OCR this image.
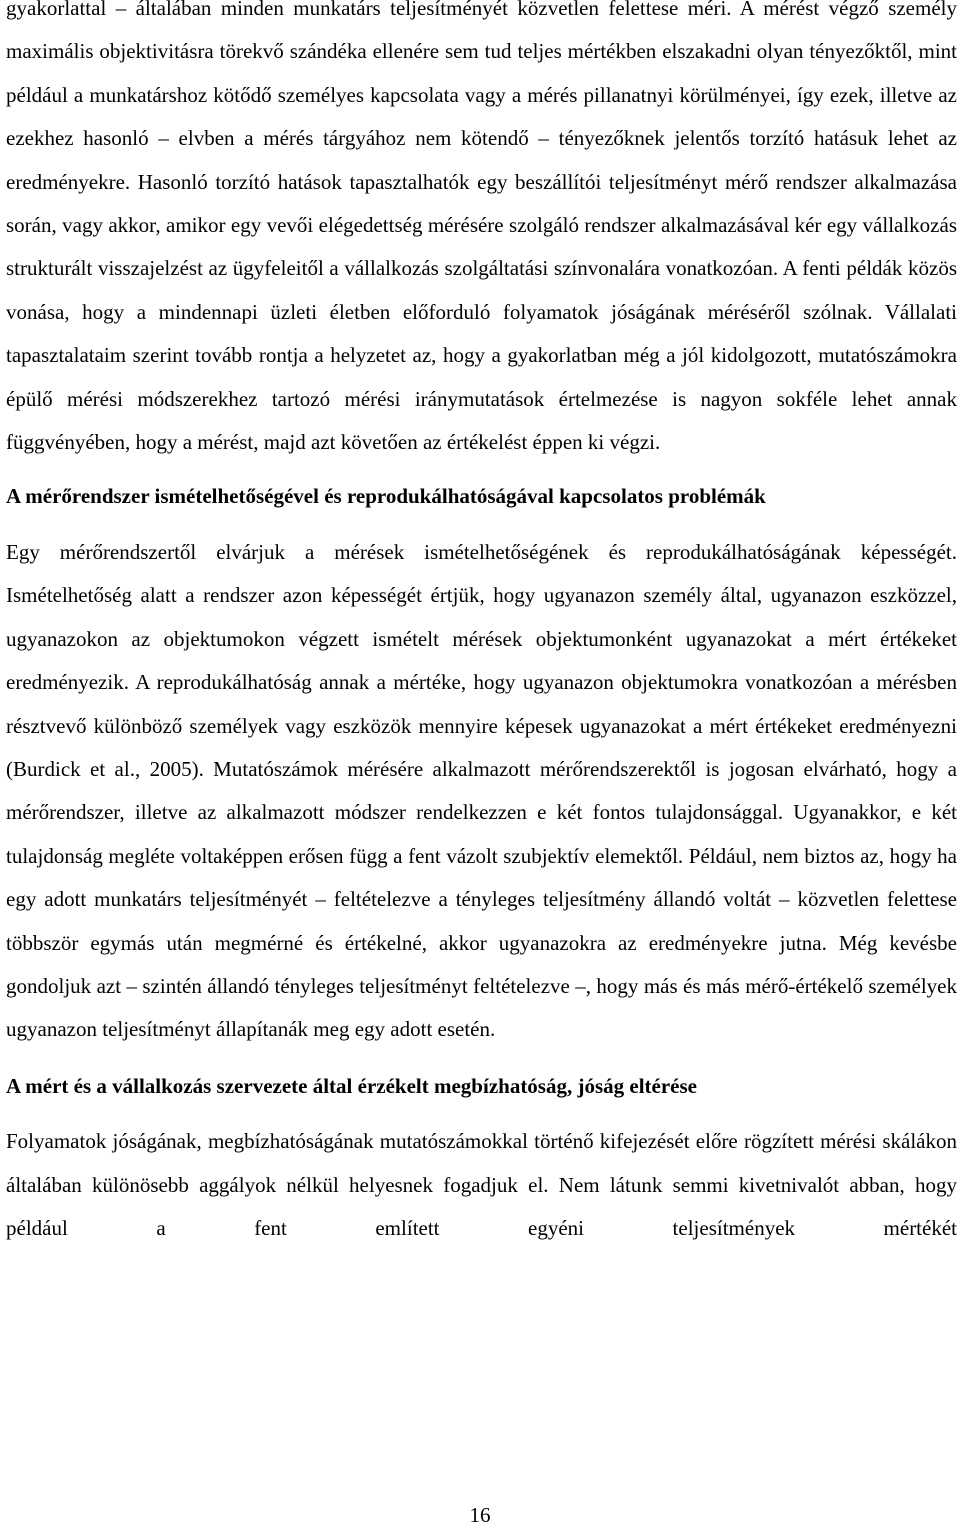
gyakorlattal – általában minden munkatárs teljesítményét közvetlen felettese méri. A mérést végző személy maximális objektivitásra törekvő szándéka ellenére sem tud teljes mértékben elszakadni olyan tényezőktől, mint például a munkatárshoz kötődő személyes kapcsolata vagy a mérés pillanatnyi körülményei, így ezek, illetve az ezekhez hasonló – elvben a mérés tárgyához nem kötendő – tényezőknek jelentős torzító hatásuk lehet az eredményekre. Hasonló torzító hatások tapasztalhatók egy beszállítói teljesítményt mérő rendszer alkalmazása során, vagy akkor, amikor egy vevői elégedettség mérésére szolgáló rendszer alkalmazásával kér egy vállalkozás strukturált visszajelzést az ügyfeleitől a vállalkozás szolgáltatási színvonalára vonatkozóan. A fenti példák közös vonása, hogy a mindennapi üzleti életben előforduló folyamatok jóságának méréséről szólnak. Vállalati tapasztalataim szerint tovább rontja a helyzetet az, hogy a gyakorlatban még a jól kidolgozott, mutatószámokra épülő mérési módszerekhez tartozó mérési iránymutatások értelmezése is nagyon sokféle lehet annak függvényében, hogy a mérést, majd azt követően az értékelést éppen ki végzi.

A mérőrendszer ismételhetőségével és reprodukálhatóságával kapcsolatos problémák

Egy mérőrendszertől elvárjuk a mérések ismételhetőségének és reprodukálhatóságának képességét. Ismételhetőség alatt a rendszer azon képességét értjük, hogy ugyanazon személy által, ugyanazon eszközzel, ugyanazokon az objektumokon végzett ismételt mérések objektumonként ugyanazokat a mért értékeket eredményezik. A reprodukálhatóság annak a mértéke, hogy ugyanazon objektumokra vonatkozóan a mérésben résztvevő különböző személyek vagy eszközök mennyire képesek ugyanazokat a mért értékeket eredményezni (Burdick et al., 2005). Mutatószámok mérésére alkalmazott mérőrendszerektől is jogosan elvárható, hogy a mérőrendszer, illetve az alkalmazott módszer rendelkezzen e két fontos tulajdonsággal. Ugyanakkor, e két tulajdonság megléte voltaképpen erősen függ a fent vázolt szubjektív elemektől. Például, nem biztos az, hogy ha egy adott munkatárs teljesítményét – feltételezve a tényleges teljesítmény állandó voltát – közvetlen felettese többször egymás után megmérné és értékelné, akkor ugyanazokra az eredményekre jutna. Még kevésbe gondoljuk azt – szintén állandó tényleges teljesítményt feltételezve –, hogy más és más mérő-értékelő személyek ugyanazon teljesítményt állapítanák meg egy adott esetén.

A mért és a vállalkozás szervezete által érzékelt megbízhatóság, jóság eltérése

Folyamatok jóságának, megbízhatóságának mutatószámokkal történő kifejezését előre rögzített mérési skálákon általában különösebb aggályok nélkül helyesnek fogadjuk el. Nem látunk semmi kivetnivalót abban, hogy például a fent említett egyéni teljesítmények mértékét

16
